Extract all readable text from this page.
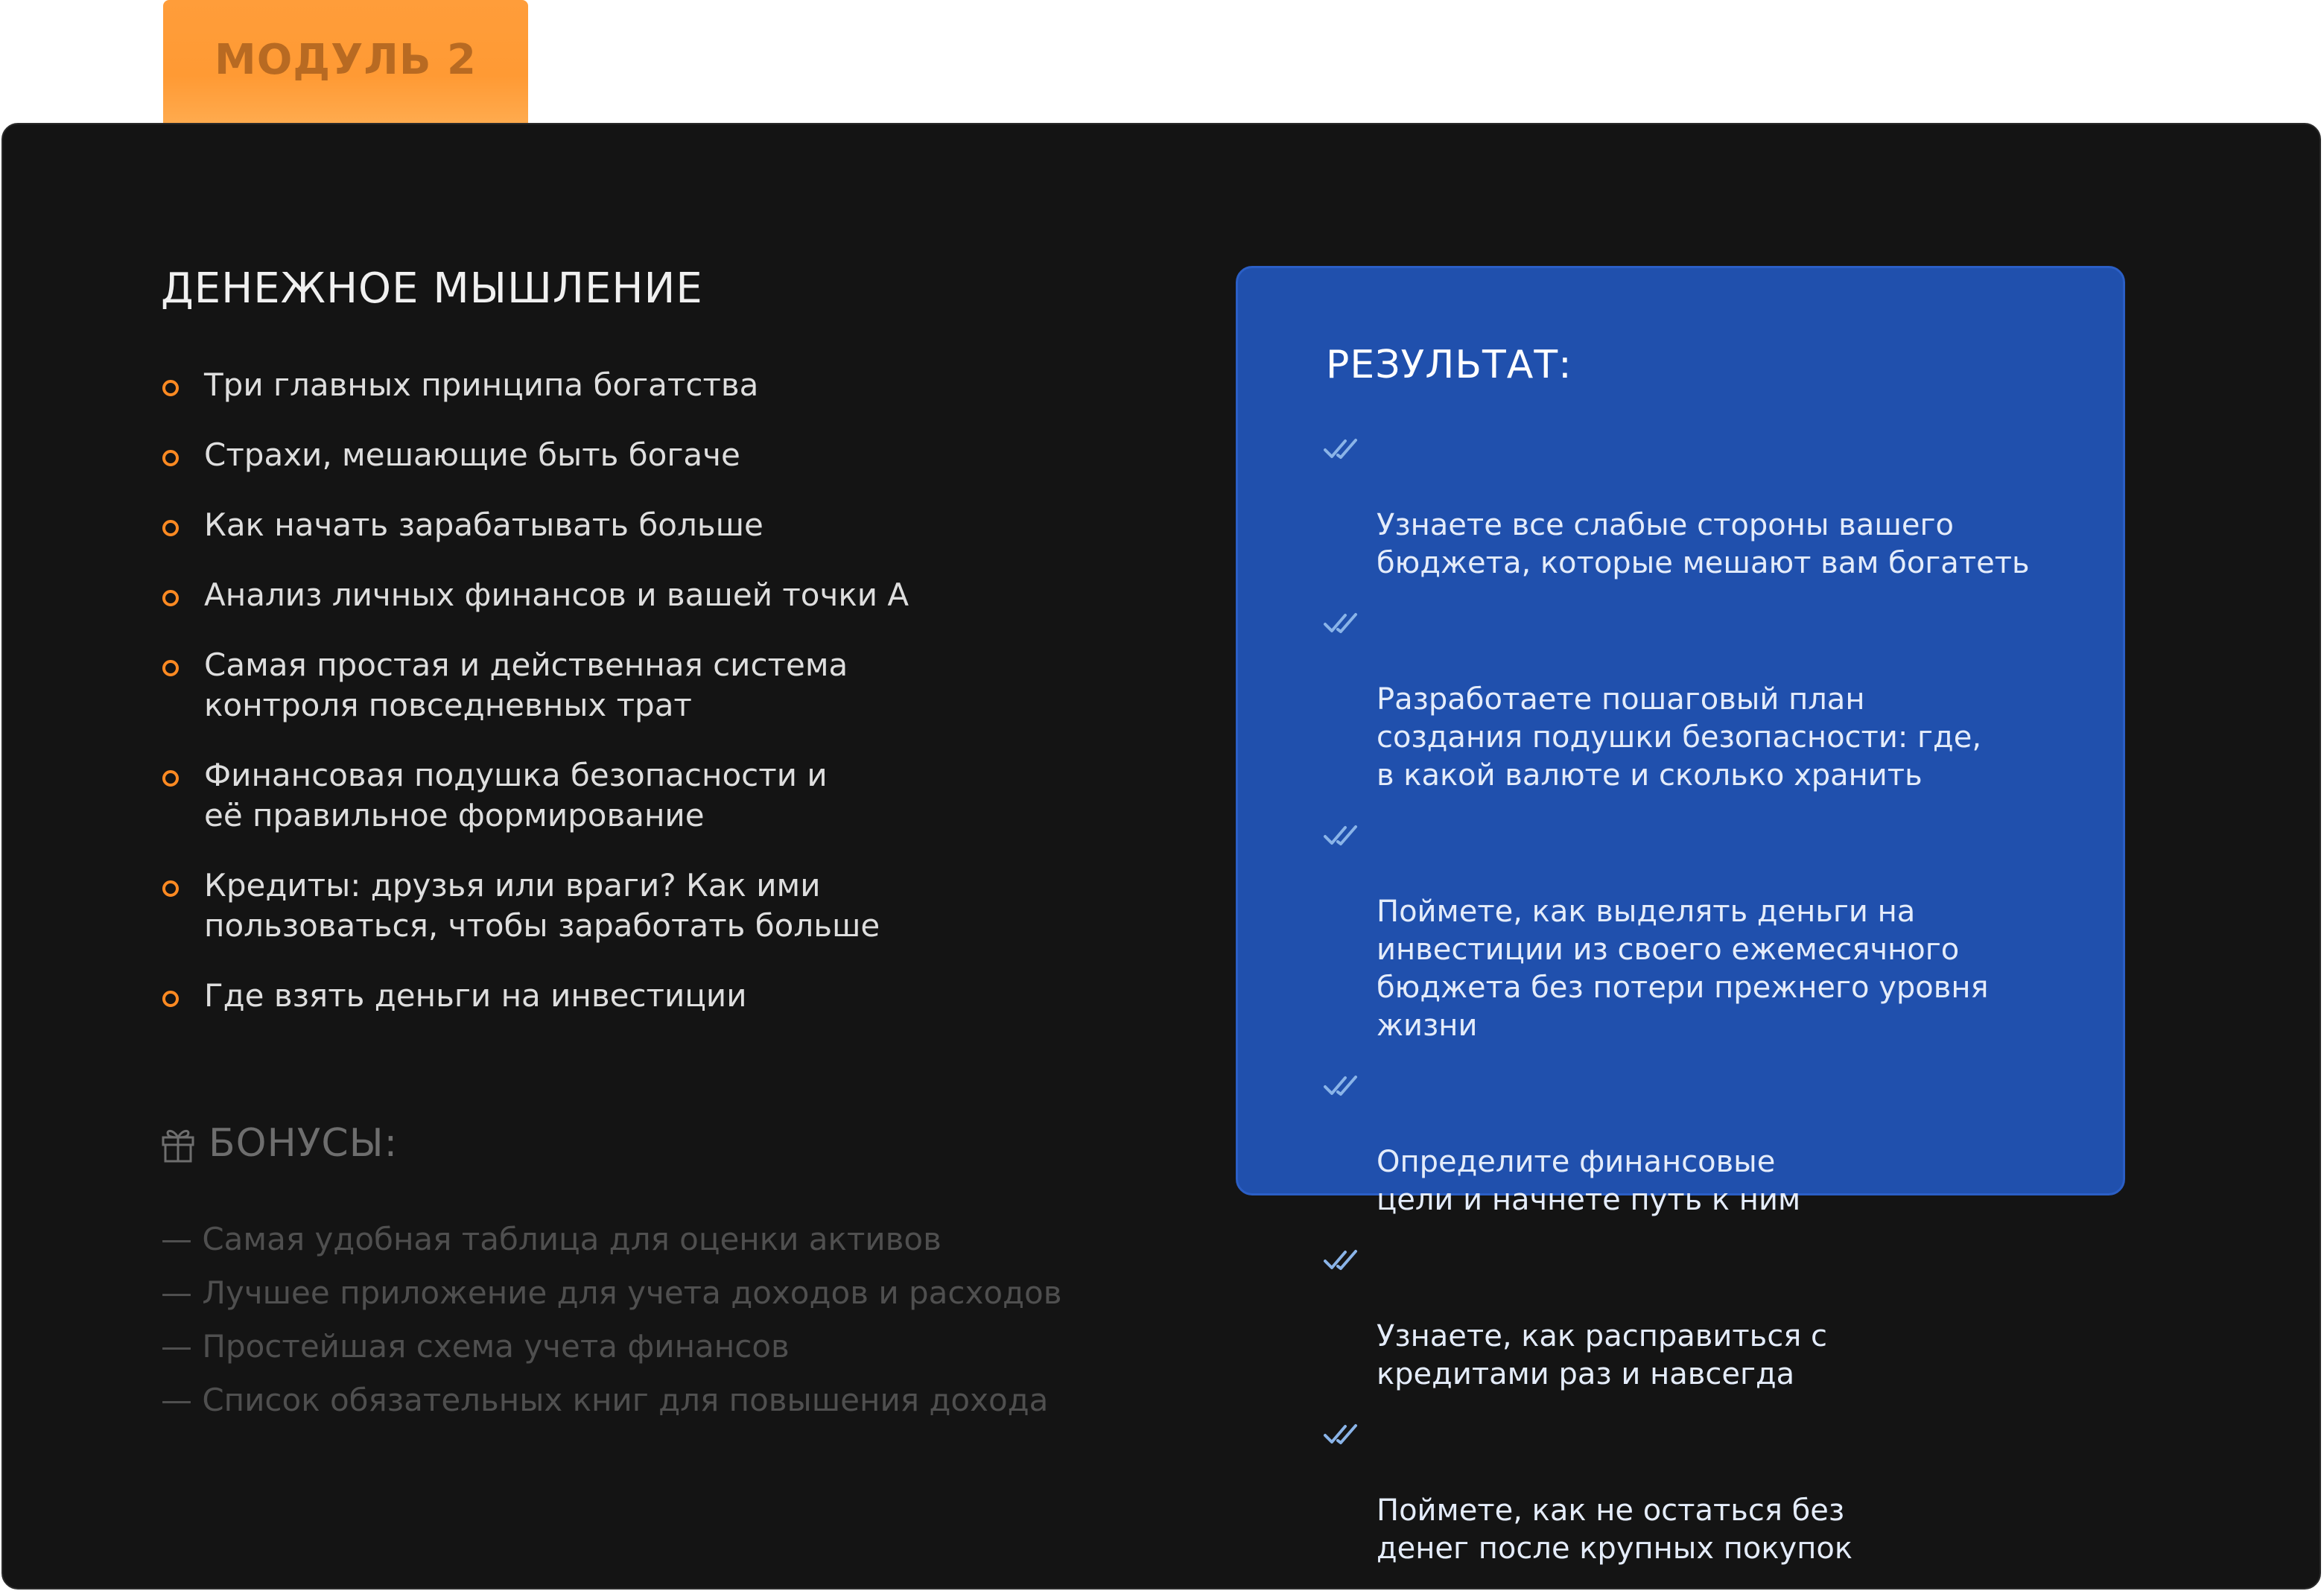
МОДУЛЬ 2
ДЕНЕЖНОЕ МЫШЛЕНИЕ
Три главных принципа богатства
Страхи, мешающие быть богаче
Как начать зарабатывать больше
Анализ личных финансов и вашей точки А
Самая простая и действенная система
контроля повседневных трат
Финансовая подушка безопасности и
её правильное формирование
Кредиты: друзья или враги? Как ими
пользоваться, чтобы заработать больше
Где взять деньги на инвестиции
БОНУСЫ:
— Самая удобная таблица для оценки активов
— Лучшее приложение для учета доходов и расходов
— Простейшая схема учета финансов
— Список обязательных книг для повышения дохода
РЕЗУЛЬТАТ:

Узнаете все слабые стороны вашего
бюджета, которые мешают вам богатеть

Разработаете пошаговый план
создания подушки безопасности: где,
в какой валюте и сколько хранить

Поймете, как выделять деньги на
инвестиции из своего ежемесячного
бюджета без потери прежнего уровня
жизни

Определите финансовые
цели и начнете путь к ним

Узнаете, как расправиться с
кредитами раз и навсегда

Поймете, как не остаться без
денег после крупных покупок
